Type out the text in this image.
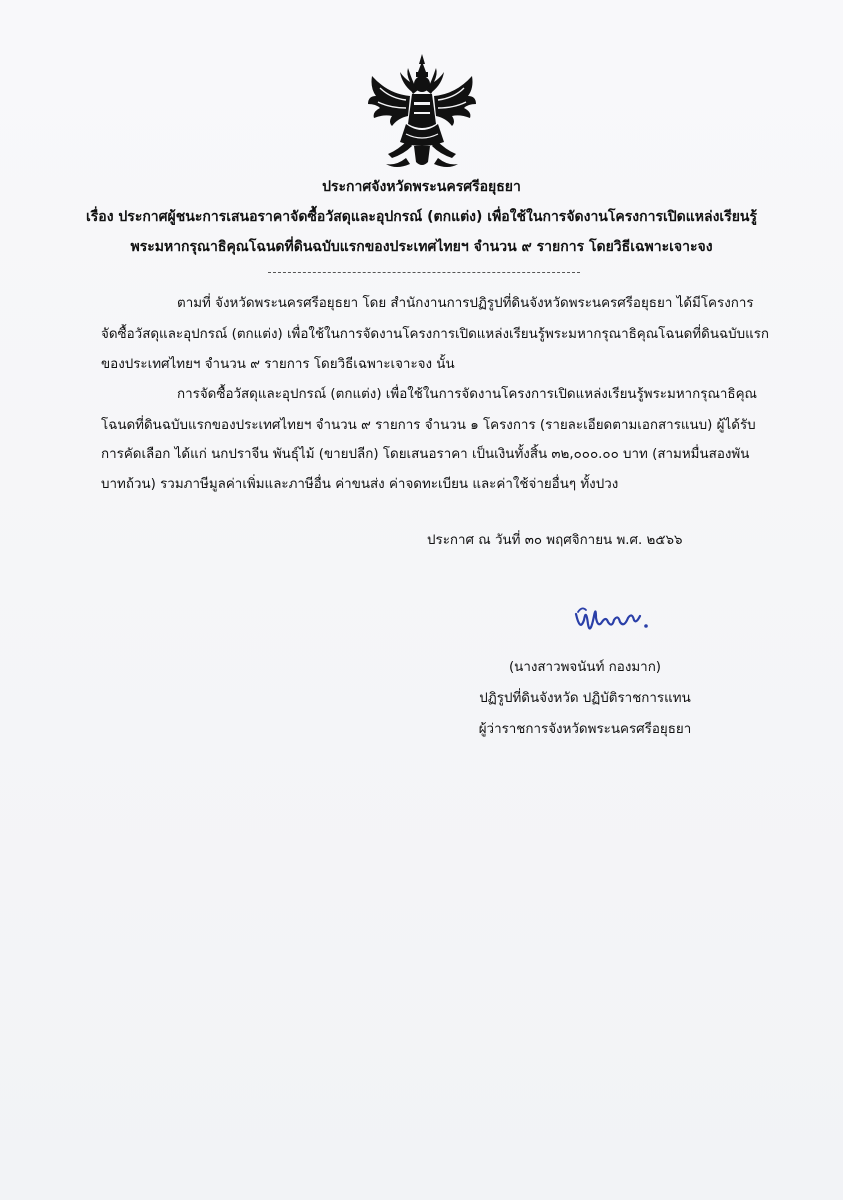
ประกาศจังหวัดพระนครศรีอยุธยา
เรื่อง ประกาศผู้ชนะการเสนอราคาจัดซื้อวัสดุและอุปกรณ์ (ตกแต่ง) เพื่อใช้ในการจัดงานโครงการเปิดแหล่งเรียนรู้
พระมหากรุณาธิคุณโฉนดที่ดินฉบับแรกของประเทศไทยฯ จำนวน ๙ รายการ โดยวิธีเฉพาะเจาะจง
ตามที่ จังหวัดพระนครศรีอยุธยา โดย สำนักงานการปฏิรูปที่ดินจังหวัดพระนครศรีอยุธยา ได้มีโครงการ
จัดซื้อวัสดุและอุปกรณ์ (ตกแต่ง) เพื่อใช้ในการจัดงานโครงการเปิดแหล่งเรียนรู้พระมหากรุณาธิคุณโฉนดที่ดินฉบับแรก
ของประเทศไทยฯ จำนวน ๙ รายการ โดยวิธีเฉพาะเจาะจง นั้น
การจัดซื้อวัสดุและอุปกรณ์ (ตกแต่ง) เพื่อใช้ในการจัดงานโครงการเปิดแหล่งเรียนรู้พระมหากรุณาธิคุณ
โฉนดที่ดินฉบับแรกของประเทศไทยฯ จำนวน ๙ รายการ จำนวน ๑ โครงการ (รายละเอียดตามเอกสารแนบ) ผู้ได้รับ
การคัดเลือก ได้แก่ นกปราจีน พันธุ์ไม้ (ขายปลีก) โดยเสนอราคา เป็นเงินทั้งสิ้น ๓๒,๐๐๐.๐๐ บาท (สามหมื่นสองพัน
บาทถ้วน) รวมภาษีมูลค่าเพิ่มและภาษีอื่น ค่าขนส่ง ค่าจดทะเบียน และค่าใช้จ่ายอื่นๆ ทั้งปวง
ประกาศ ณ วันที่ ๓๐ พฤศจิกายน พ.ศ. ๒๕๖๖
(นางสาวพจนันท์ กองมาก)
ปฏิรูปที่ดินจังหวัด ปฏิบัติราชการแทน
ผู้ว่าราชการจังหวัดพระนครศรีอยุธยา
